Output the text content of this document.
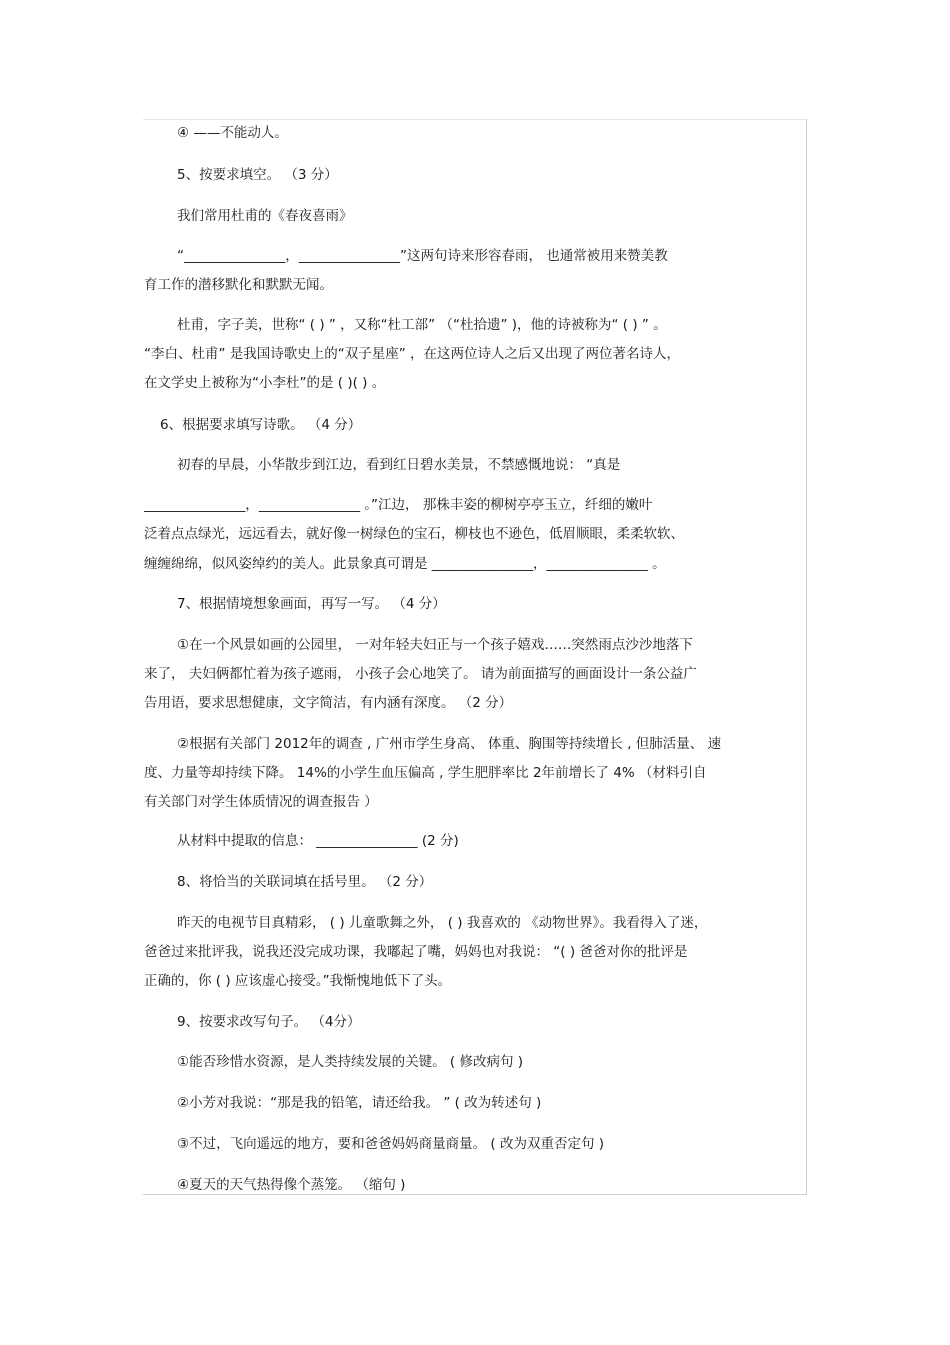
④ ——不能动人。
5、按要求填空。 （3 分）
我们常用杜甫的《春夜喜雨》
“_______________，_______________”这两句诗来形容春雨， 也通常被用来赞美教
育工作的潜移默化和默默无闻。
杜甫，字子美，世称“ ( ) ” ，又称“杜工部” （“杜拾遗” )，他的诗被称为“ ( ) ” 。
“李白、杜甫” 是我国诗歌史上的“双子星座” ，在这两位诗人之后又出现了两位著名诗人，
在文学史上被称为“小李杜”的是 ( )( ) 。
6、根据要求填写诗歌。 （4 分）
初春的早晨，小华散步到江边，看到红日碧水美景，不禁感慨地说： “真是
_______________，_______________ 。”江边， 那株丰姿的柳树亭亭玉立，纤细的嫩叶
泛着点点绿光，远远看去，就好像一树绿色的宝石，柳枝也不逊色，低眉顺眼，柔柔软软、
缠缠绵绵，似风姿绰约的美人。此景象真可谓是 _______________，_______________ 。
7、根据情境想象画面，再写一写。 （4 分）
①在一个风景如画的公园里， 一对年轻夫妇正与一个孩子嬉戏……突然雨点沙沙地落下
来了， 夫妇俩都忙着为孩子遮雨， 小孩子会心地笑了。 请为前面描写的画面设计一条公益广
告用语，要求思想健康，文字简洁，有内涵有深度。 （2 分）
②根据有关部门 2012年的调查 , 广州市学生身高、 体重、胸围等持续增长 , 但肺活量、 速
度、力量等却持续下降。 14%的小学生血压偏高 , 学生肥胖率比 2年前增长了 4% （材料引自
有关部门对学生体质情况的调查报告 ）
从材料中提取的信息： _______________ (2 分)
8、将恰当的关联词填在括号里。 （2 分）
昨天的电视节目真精彩， ( ) 儿童歌舞之外， ( ) 我喜欢的 《动物世界》。我看得入了迷，
爸爸过来批评我，说我还没完成功课，我嘟起了嘴，妈妈也对我说： “( ) 爸爸对你的批评是
正确的，你 ( ) 应该虚心接受。”我惭愧地低下了头。
9、按要求改写句子。 （4分）
①能否珍惜水资源，是人类持续发展的关键。 ( 修改病句 )
②小芳对我说：“那是我的铅笔，请还给我。 ” ( 改为转述句 )
③不过，飞向遥远的地方，要和爸爸妈妈商量商量。 ( 改为双重否定句 )
④夏天的天气热得像个蒸笼。 （缩句 )
